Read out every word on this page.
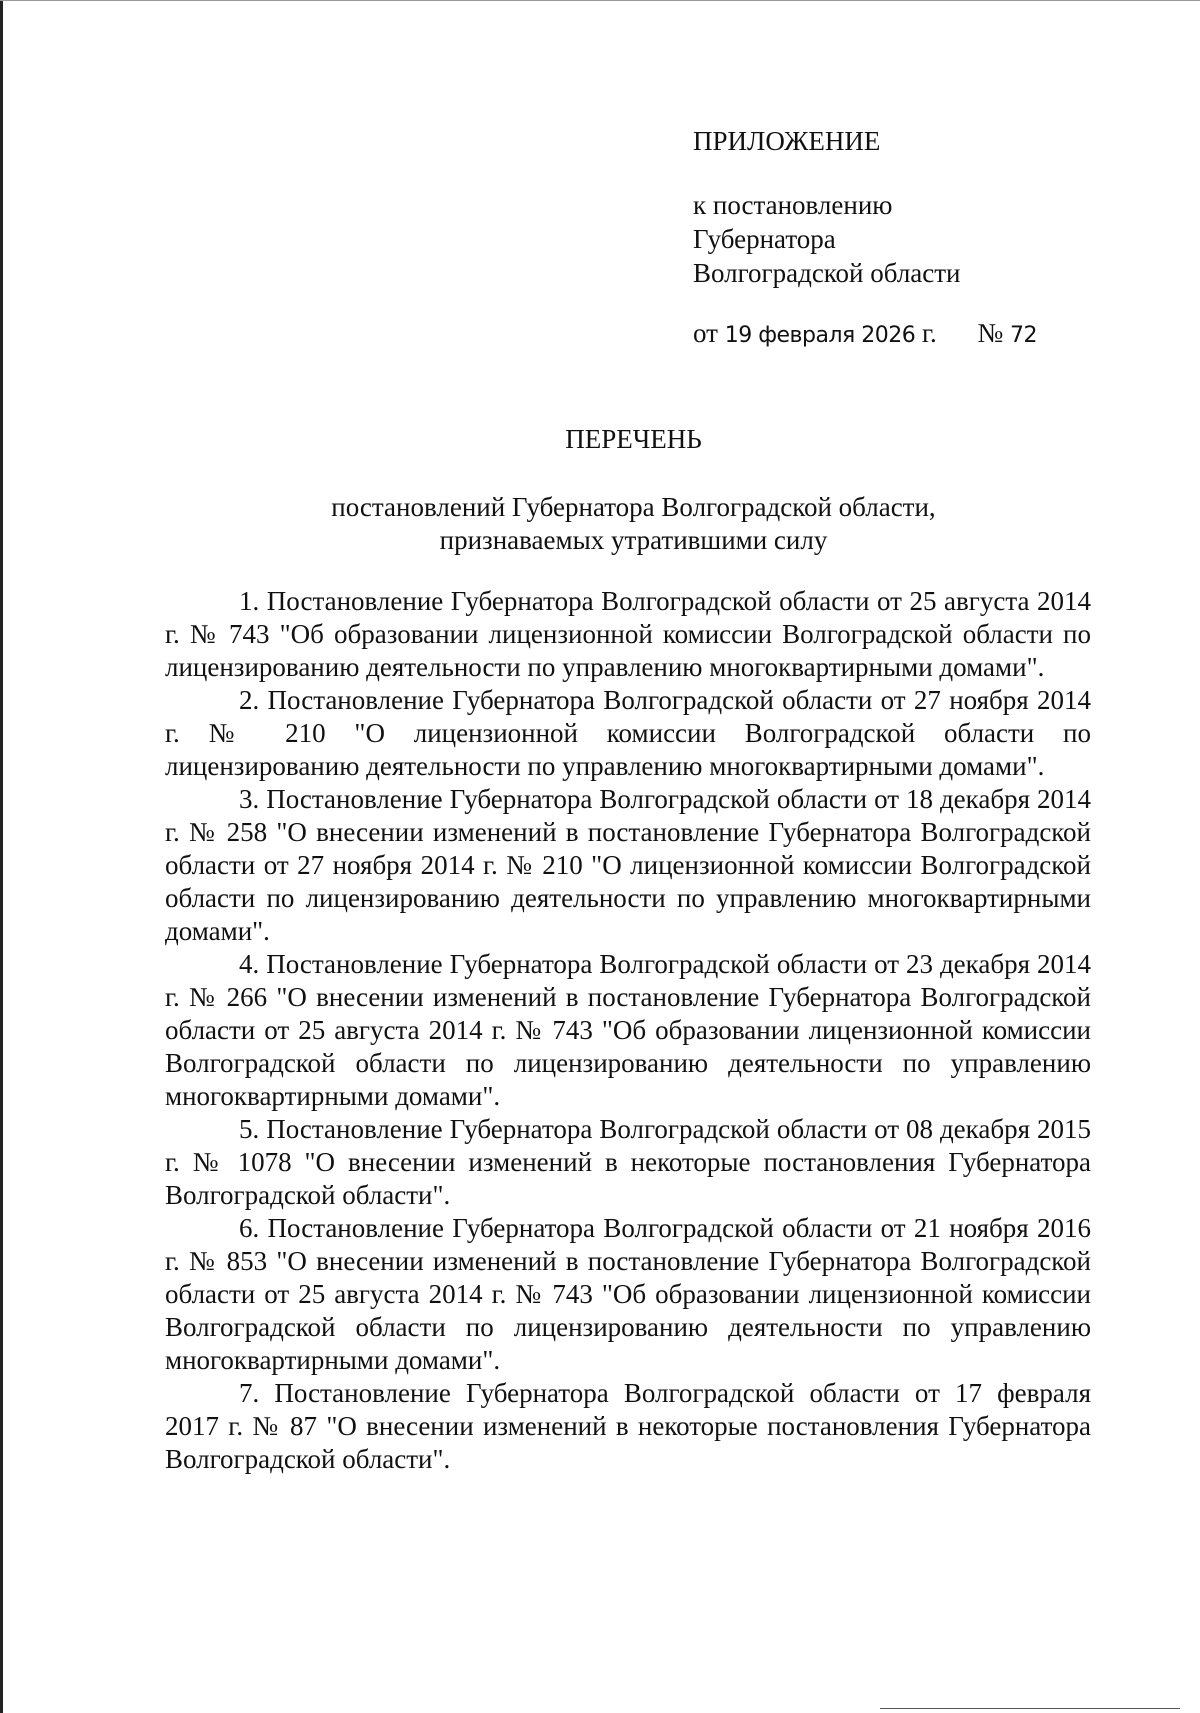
ПРИЛОЖЕНИЕ

к постановлению

Губернатора

Волгоградской области

от 19 февраля 2026 г. № 72
ПЕРЕЧЕНЬ

постановлений Губернатора Волгоградской области,

признаваемых утратившими силу

1. Постановление Губернатора Волгоградской области от 25 августа 2014 г. № 743 "Об образовании лицензионной комиссии Волгоградской области по лицензированию деятельности по управлению многоквартирными домами".

2. Постановление Губернатора Волгоградской области от 27 ноября 2014 г. № 210 "О лицензионной комиссии Волгоградской области по лицензированию деятельности по управлению многоквартирными домами".

3. Постановление Губернатора Волгоградской области от 18 декабря 2014 г. № 258 "О внесении изменений в постановление Губернатора Волгоградской области от 27 ноября 2014 г. № 210 "О лицензионной комиссии Волгоградской области по лицензированию деятельности по управлению многоквартирными домами".

4. Постановление Губернатора Волгоградской области от 23 декабря 2014 г. № 266 "О внесении изменений в постановление Губернатора Волгоградской области от 25 августа 2014 г. № 743 "Об образовании лицензионной комиссии Волгоградской области по лицензированию деятельности по управлению многоквартирными домами".

5. Постановление Губернатора Волгоградской области от 08 декабря 2015 г. № 1078 "О внесении изменений в некоторые постановления Губернатора Волгоградской области".

6. Постановление Губернатора Волгоградской области от 21 ноября 2016 г. № 853 "О внесении изменений в постановление Губернатора Волгоградской области от 25 августа 2014 г. № 743 "Об образовании лицензионной комиссии Волгоградской области по лицензированию деятельности по управлению многоквартирными домами".

7. Постановление Губернатора Волгоградской области от 17 февраля 2017 г. № 87 "О внесении изменений в некоторые постановления Губернатора Волгоградской области".
